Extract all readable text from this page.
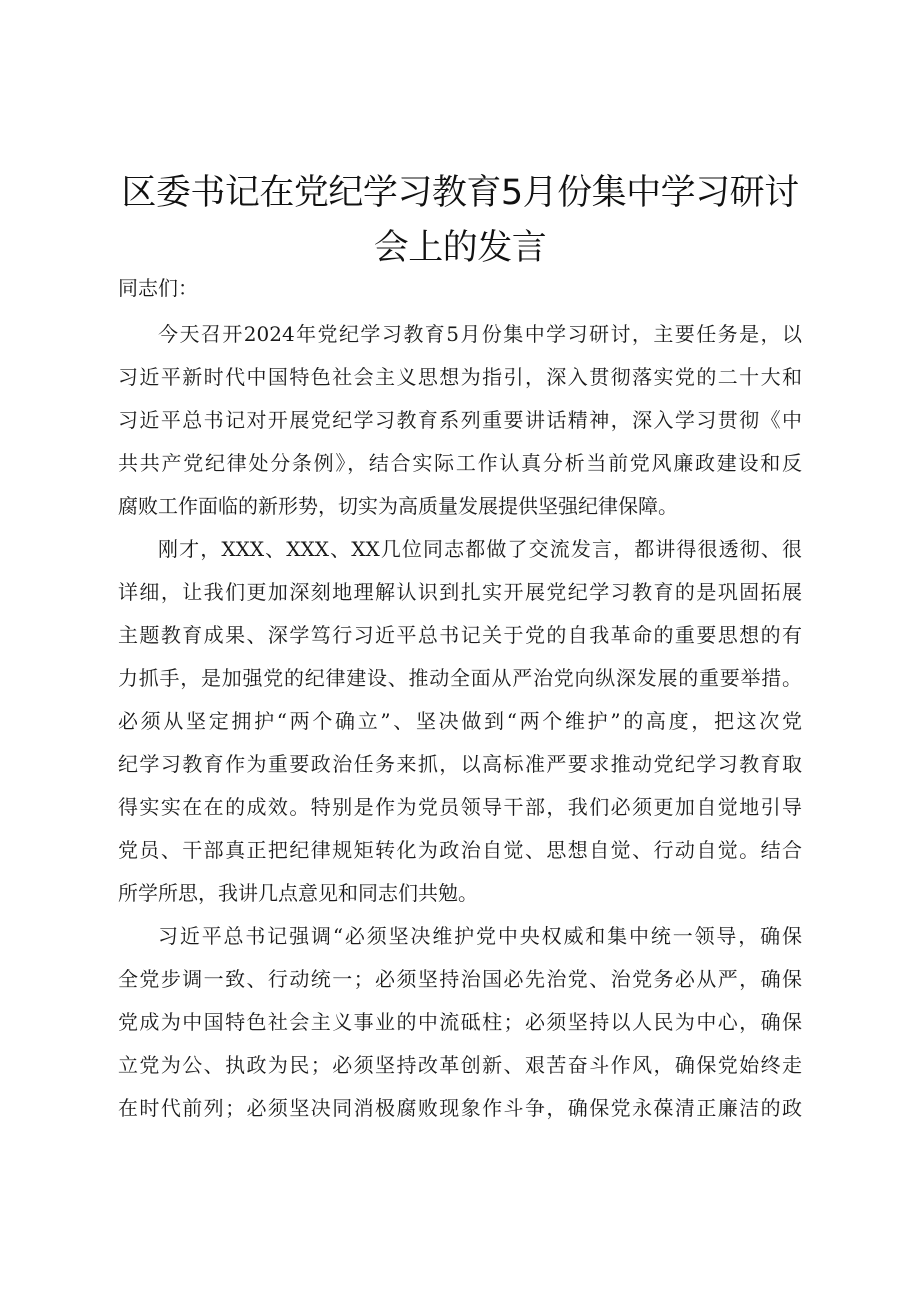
区委书记在党纪学习教育5月份集中学习研讨
会上的发言

同志们：

今天召开2024年党纪学习教育5月份集中学习研讨，主要任务是，以
习近平新时代中国特色社会主义思想为指引，深入贯彻落实党的二十大和
习近平总书记对开展党纪学习教育系列重要讲话精神，深入学习贯彻《中
共共产党纪律处分条例》，结合实际工作认真分析当前党风廉政建设和反
腐败工作面临的新形势，切实为高质量发展提供坚强纪律保障。

刚才，XXX、XXX、XX几位同志都做了交流发言，都讲得很透彻、很
详细，让我们更加深刻地理解认识到扎实开展党纪学习教育的是巩固拓展
主题教育成果、深学笃行习近平总书记关于党的自我革命的重要思想的有
力抓手，是加强党的纪律建设、推动全面从严治党向纵深发展的重要举措。
必须从坚定拥护“两个确立”、坚决做到“两个维护”的高度，把这次党
纪学习教育作为重要政治任务来抓，以高标准严要求推动党纪学习教育取
得实实在在的成效。特别是作为党员领导干部，我们必须更加自觉地引导
党员、干部真正把纪律规矩转化为政治自觉、思想自觉、行动自觉。结合
所学所思，我讲几点意见和同志们共勉。

习近平总书记强调“必须坚决维护党中央权威和集中统一领导，确保
全党步调一致、行动统一；必须坚持治国必先治党、治党务必从严，确保
党成为中国特色社会主义事业的中流砥柱；必须坚持以人民为中心，确保
立党为公、执政为民；必须坚持改革创新、艰苦奋斗作风，确保党始终走
在时代前列；必须坚决同消极腐败现象作斗争，确保党永葆清正廉洁的政
